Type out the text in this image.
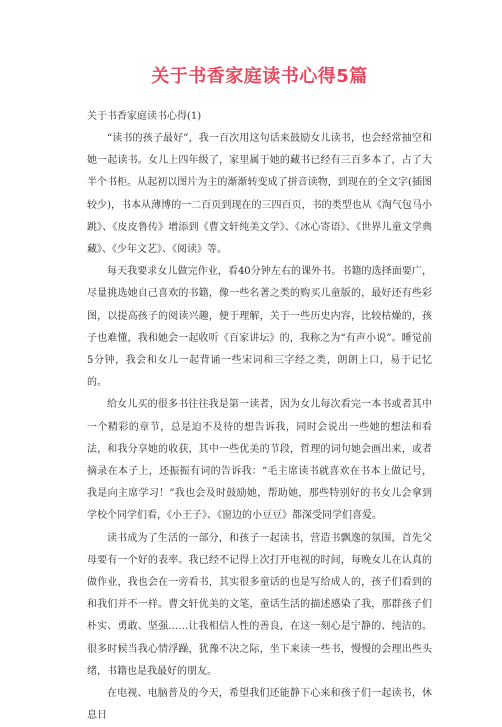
关于书香家庭读书心得5篇

关于书香家庭读书心得(1)

“读书的孩子最好”，我一百次用这句话来鼓励女儿读书，也会经常抽空和她一起读书。女儿上四年级了，家里属于她的藏书已经有三百多本了，占了大半个书柜。从起初以图片为主的渐渐转变成了拼音读物，到现在的全文字(插图较少)，书本从薄博的一二百页到现在的三四百页，书的类型也从《淘气包马小跳》、《皮皮鲁传》增添到《曹文轩纯美文学》、《冰心寄语》、《世界儿童文学典藏》、《少年文艺》、《阅读》等。

每天我要求女儿做完作业，看40分钟左右的课外书。书籍的选择面要广，尽量挑选她自己喜欢的书籍，像一些名著之类的购买儿童版的，最好还有些彩图，以提高孩子的阅读兴趣，便于理解，关于一些历史内容，比较枯燥的，孩子也难懂，我和她会一起收听《百家讲坛》的，我称之为“有声小说”。睡觉前5分钟，我会和女儿一起背诵一些宋词和三字经之类，朗朗上口，易于记忆的。

给女儿买的很多书往往我是第一读者，因为女儿每次看完一本书或者其中一个精彩的章节，总是迫不及待的想告诉我，同时会说出一些她的想法和看法，和我分享她的收获，其中一些优美的节段，哲理的词句她会画出来，或者摘录在本子上，还振振有词的告诉我：“毛主席读书就喜欢在书本上做记号，我是向主席学习！”我也会及时鼓励她，帮助她，那些特别好的书女儿会拿到学校个同学们看，《小王子》、《窗边的小豆豆》都深受同学们喜爱。

读书成为了生活的一部分，和孩子一起读书，营造书飘逸的氛围，首先父母要有一个好的表率。我已经不记得上次打开电视的时间，每晚女儿在认真的做作业，我也会在一旁看书，其实很多童话的也是写给成人的，孩子们看到的和我们并不一样。曹文轩优美的文笔，童话生活的描述感染了我，那群孩子们朴实、勇敢、坚强……让我相信人性的善良，在这一刻心是宁静的、纯洁的。很多时候当我心情浮躁，犹豫不决之际，坐下来读一些书，慢慢的会理出些头绪，书籍也是我最好的朋友。

在电视、电脑普及的今天，希望我们还能静下心来和孩子们一起读书，休息日
